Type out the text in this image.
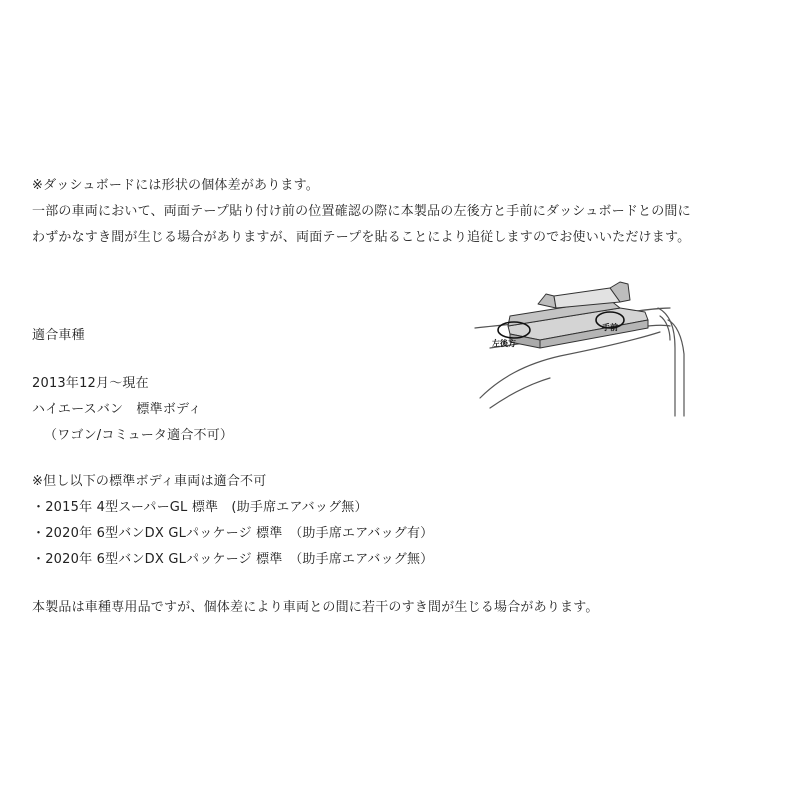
※ダッシュボードには形状の個体差があります。
一部の車両において、両面テープ貼り付け前の位置確認の際に本製品の左後方と手前にダッシュボードとの間に
わずかなすき間が生じる場合がありますが、両面テープを貼ることにより追従しますのでお使いいただけます。
左後方
手前
適合車種
2013年12月～現在
ハイエースバン　標準ボディ
（ワゴン/コミュータ適合不可）
※但し以下の標準ボディ車両は適合不可
・2015年 4型スーパーGL 標準　(助手席エアバッグ無）
・2020年 6型バンDX GLパッケージ 標準　（助手席エアバッグ有）
・2020年 6型バンDX GLパッケージ 標準　（助手席エアバッグ無）
本製品は車種専用品ですが、個体差により車両との間に若干のすき間が生じる場合があります。
